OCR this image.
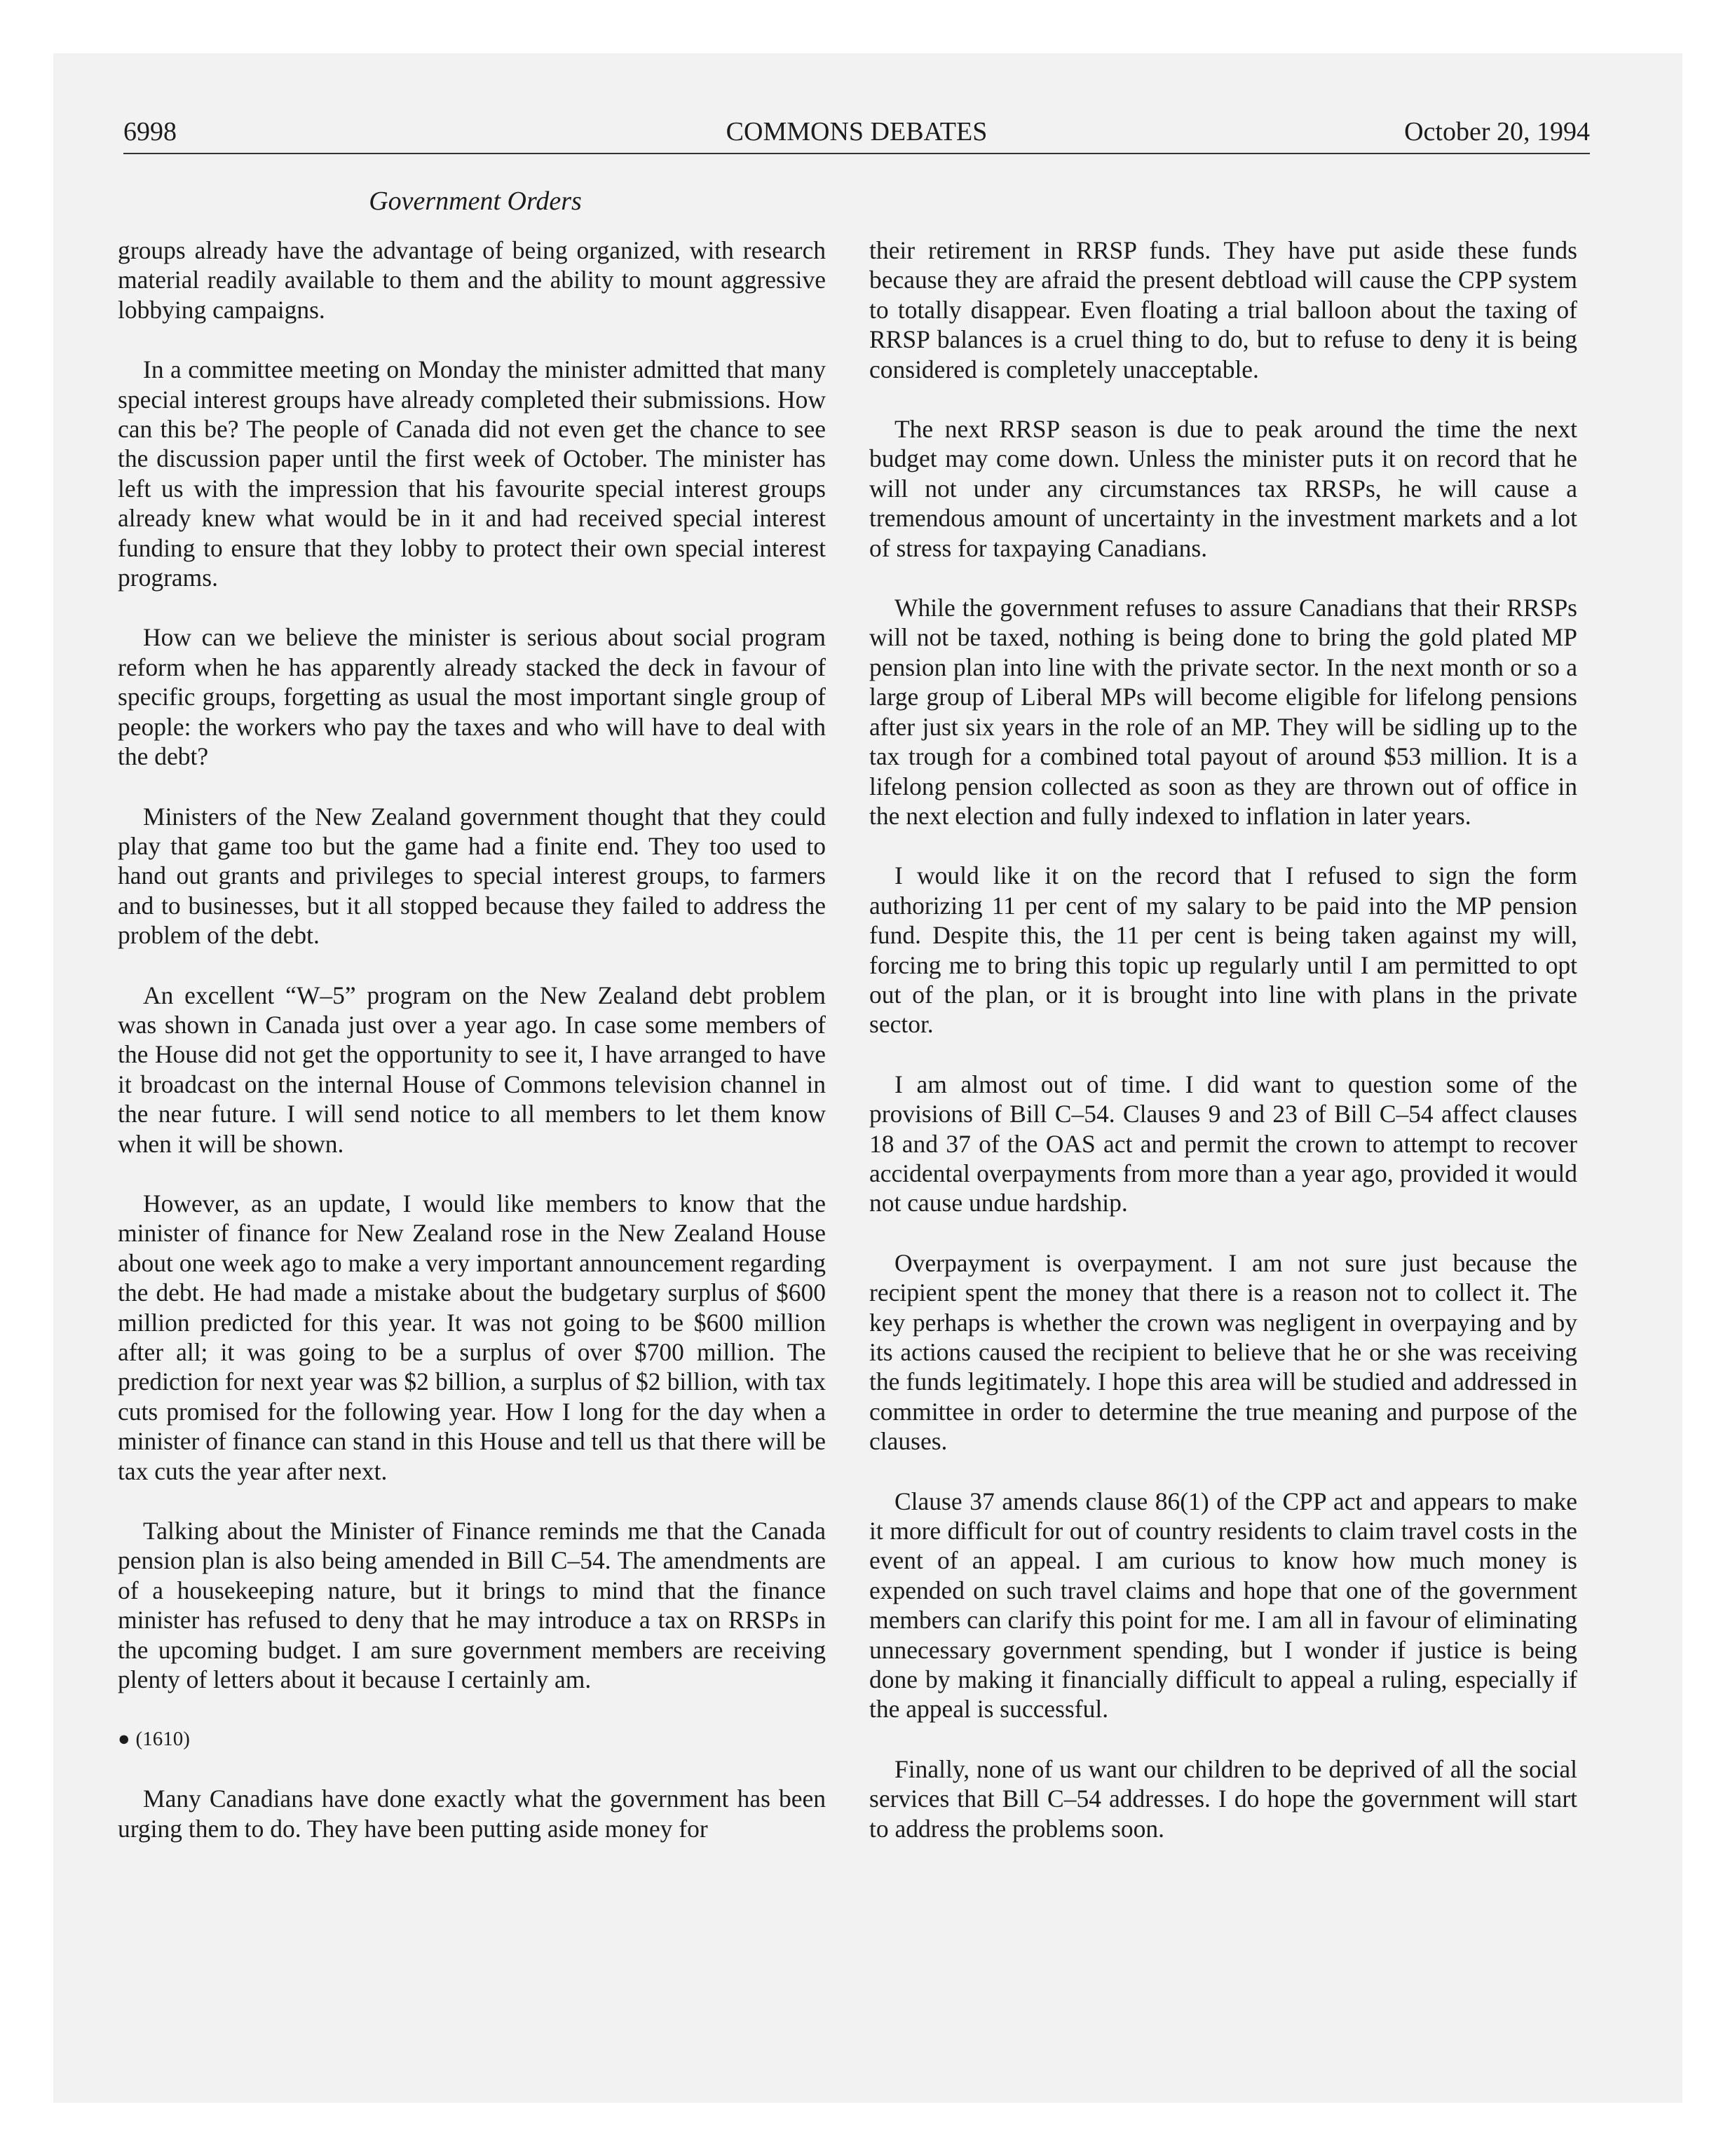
6998	COMMONS DEBATES	October 20, 1994
Government Orders

groups already have the advantage of being organized, with research material readily available to them and the ability to mount aggressive lobbying campaigns.

In a committee meeting on Monday the minister admitted that many special interest groups have already completed their submissions. How can this be? The people of Canada did not even get the chance to see the discussion paper until the first week of October. The minister has left us with the impression that his favourite special interest groups already knew what would be in it and had received special interest funding to ensure that they lobby to protect their own special interest programs.

How can we believe the minister is serious about social program reform when he has apparently already stacked the deck in favour of specific groups, forgetting as usual the most important single group of people: the workers who pay the taxes and who will have to deal with the debt?

Ministers of the New Zealand government thought that they could play that game too but the game had a finite end. They too used to hand out grants and privileges to special interest groups, to farmers and to businesses, but it all stopped because they failed to address the problem of the debt.

An excellent “W–5” program on the New Zealand debt problem was shown in Canada just over a year ago. In case some members of the House did not get the opportunity to see it, I have arranged to have it broadcast on the internal House of Commons television channel in the near future. I will send notice to all members to let them know when it will be shown.

However, as an update, I would like members to know that the minister of finance for New Zealand rose in the New Zealand House about one week ago to make a very important announcement regarding the debt. He had made a mistake about the budgetary surplus of $600 million predicted for this year. It was not going to be $600 million after all; it was going to be a surplus of over $700 million. The prediction for next year was $2 billion, a surplus of $2 billion, with tax cuts promised for the following year. How I long for the day when a minister of finance can stand in this House and tell us that there will be tax cuts the year after next.

Talking about the Minister of Finance reminds me that the Canada pension plan is also being amended in Bill C–54. The amendments are of a housekeeping nature, but it brings to mind that the finance minister has refused to deny that he may introduce a tax on RRSPs in the upcoming budget. I am sure government members are receiving plenty of letters about it because I certainly am.

● (1610)

Many Canadians have done exactly what the government has been urging them to do. They have been putting aside money for

their retirement in RRSP funds. They have put aside these funds because they are afraid the present debtload will cause the CPP system to totally disappear. Even floating a trial balloon about the taxing of RRSP balances is a cruel thing to do, but to refuse to deny it is being considered is completely unacceptable.

The next RRSP season is due to peak around the time the next budget may come down. Unless the minister puts it on record that he will not under any circumstances tax RRSPs, he will cause a tremendous amount of uncertainty in the investment markets and a lot of stress for taxpaying Canadians.

While the government refuses to assure Canadians that their RRSPs will not be taxed, nothing is being done to bring the gold plated MP pension plan into line with the private sector. In the next month or so a large group of Liberal MPs will become eligible for lifelong pensions after just six years in the role of an MP. They will be sidling up to the tax trough for a combined total payout of around $53 million. It is a lifelong pension collected as soon as they are thrown out of office in the next election and fully indexed to inflation in later years.

I would like it on the record that I refused to sign the form authorizing 11 per cent of my salary to be paid into the MP pension fund. Despite this, the 11 per cent is being taken against my will, forcing me to bring this topic up regularly until I am permitted to opt out of the plan, or it is brought into line with plans in the private sector.

I am almost out of time. I did want to question some of the provisions of Bill C–54. Clauses 9 and 23 of Bill C–54 affect clauses 18 and 37 of the OAS act and permit the crown to attempt to recover accidental overpayments from more than a year ago, provided it would not cause undue hardship.

Overpayment is overpayment. I am not sure just because the recipient spent the money that there is a reason not to collect it. The key perhaps is whether the crown was negligent in overpaying and by its actions caused the recipient to believe that he or she was receiving the funds legitimately. I hope this area will be studied and addressed in committee in order to determine the true meaning and purpose of the clauses.

Clause 37 amends clause 86(1) of the CPP act and appears to make it more difficult for out of country residents to claim travel costs in the event of an appeal. I am curious to know how much money is expended on such travel claims and hope that one of the government members can clarify this point for me. I am all in favour of eliminating unnecessary government spending, but I wonder if justice is being done by making it financially difficult to appeal a ruling, especially if the appeal is successful.

Finally, none of us want our children to be deprived of all the social services that Bill C–54 addresses. I do hope the government will start to address the problems soon.
